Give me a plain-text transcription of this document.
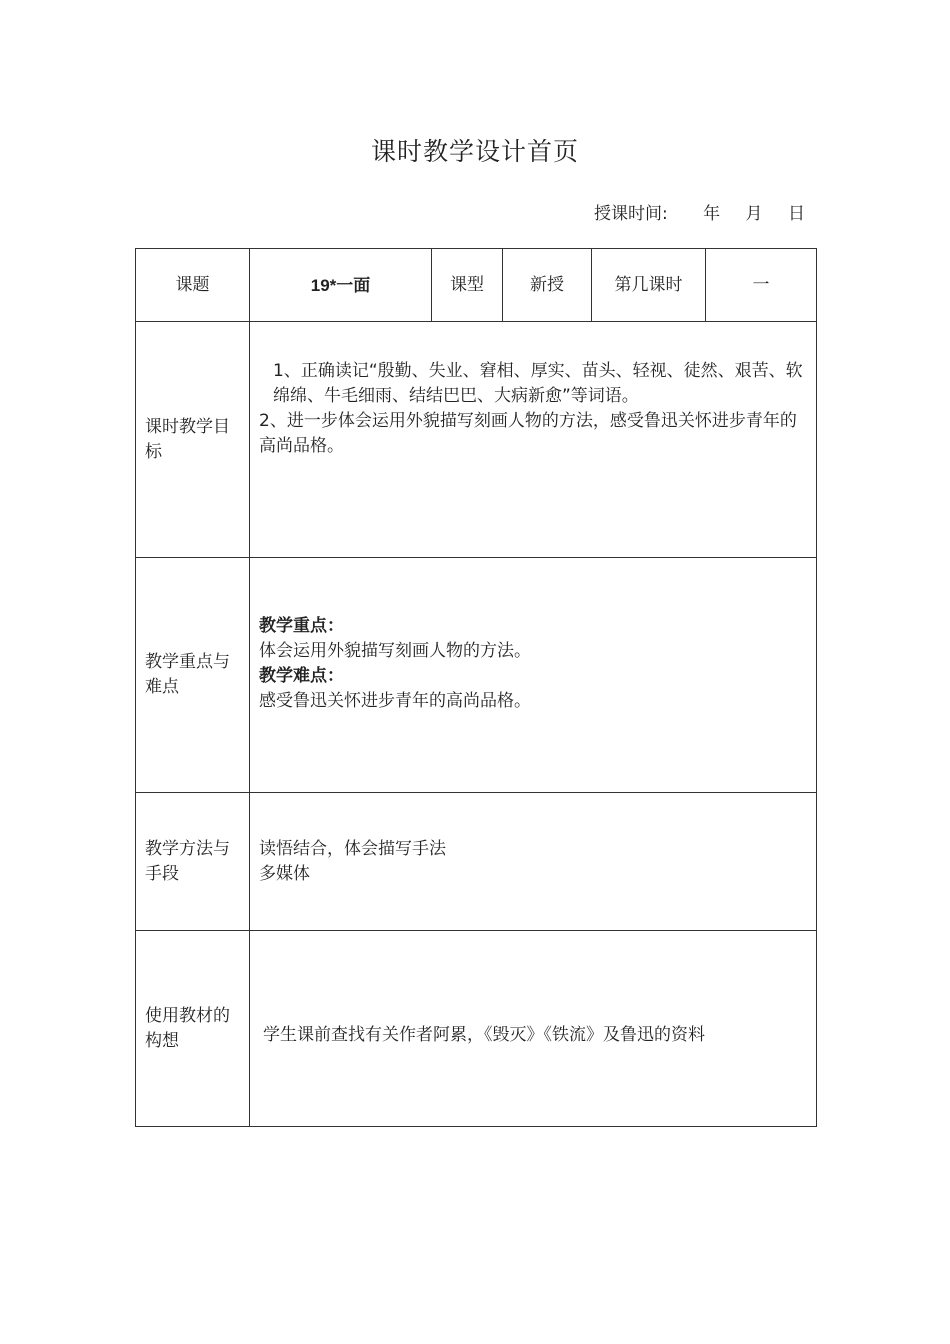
课时教学设计首页
授课时间: 年 月 日
课题	19*一面	课型	新授	第几课时	一
课时教学目标	1、正确读记“殷勤、失业、窘相、厚实、苗头、轻视、徒然、艰苦、软绵绵、牛毛细雨、结结巴巴、大病新愈”等词语。
2、进一步体会运用外貌描写刻画人物的方法，感受鲁迅关怀进步青年的高尚品格。				

教学重点与难点	教学重点：
体会运用外貌描写刻画人物的方法。
教学难点：
感受鲁迅关怀进步青年的高尚品格。				

教学方法与手段	读悟结合，体会描写手法
多媒体				

使用教材的构想	学生课前查找有关作者阿累，《毁灭》《铁流》及鲁迅的资料				
